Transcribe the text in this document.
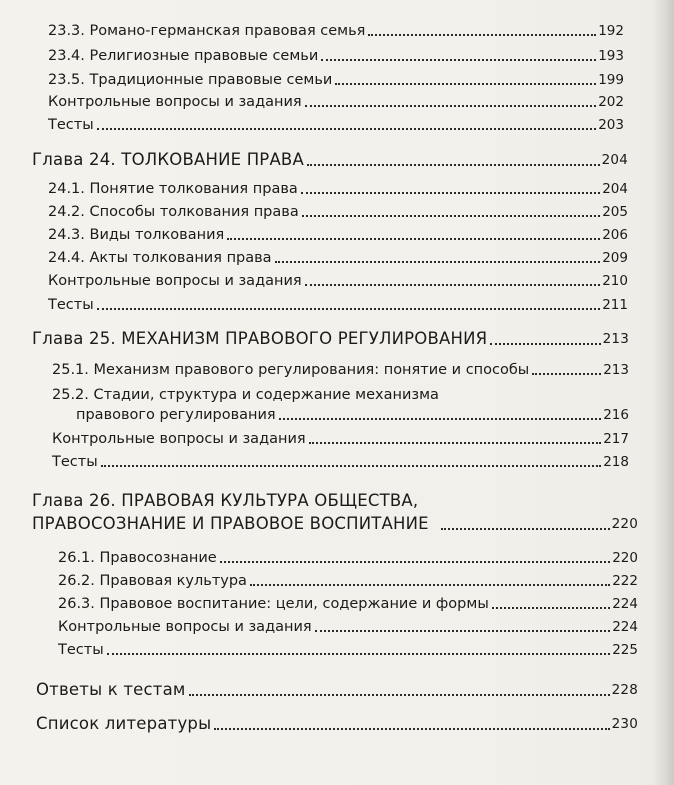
23.3. Романо-германская правовая семья	192
23.4. Религиозные правовые семьи	193
23.5. Традиционные правовые семьи	199
Контрольные вопросы и задания	202
Тесты	203
Глава 24. ТОЛКОВАНИЕ ПРАВА	204
24.1. Понятие толкования права	204
24.2. Способы толкования права	205
24.3. Виды толкования	206
24.4. Акты толкования права	209
Контрольные вопросы и задания	210
Тесты	211
Глава 25. МЕХАНИЗМ ПРАВОВОГО РЕГУЛИРОВАНИЯ	213
25.1. Механизм правового регулирования: понятие и способы	213
25.2. Стадии, структура и содержание механизма
правового регулирования	216
Контрольные вопросы и задания	217
Тесты	218
Глава 26. ПРАВОВАЯ КУЛЬТУРА ОБЩЕСТВА,
ПРАВОСОЗНАНИЕ И ПРАВОВОЕ ВОСПИТАНИЕ	220
26.1. Правосознание	220
26.2. Правовая культура	222
26.3. Правовое воспитание: цели, содержание и формы	224
Контрольные вопросы и задания	224
Тесты	225
Ответы к тестам	228
Список литературы	230
